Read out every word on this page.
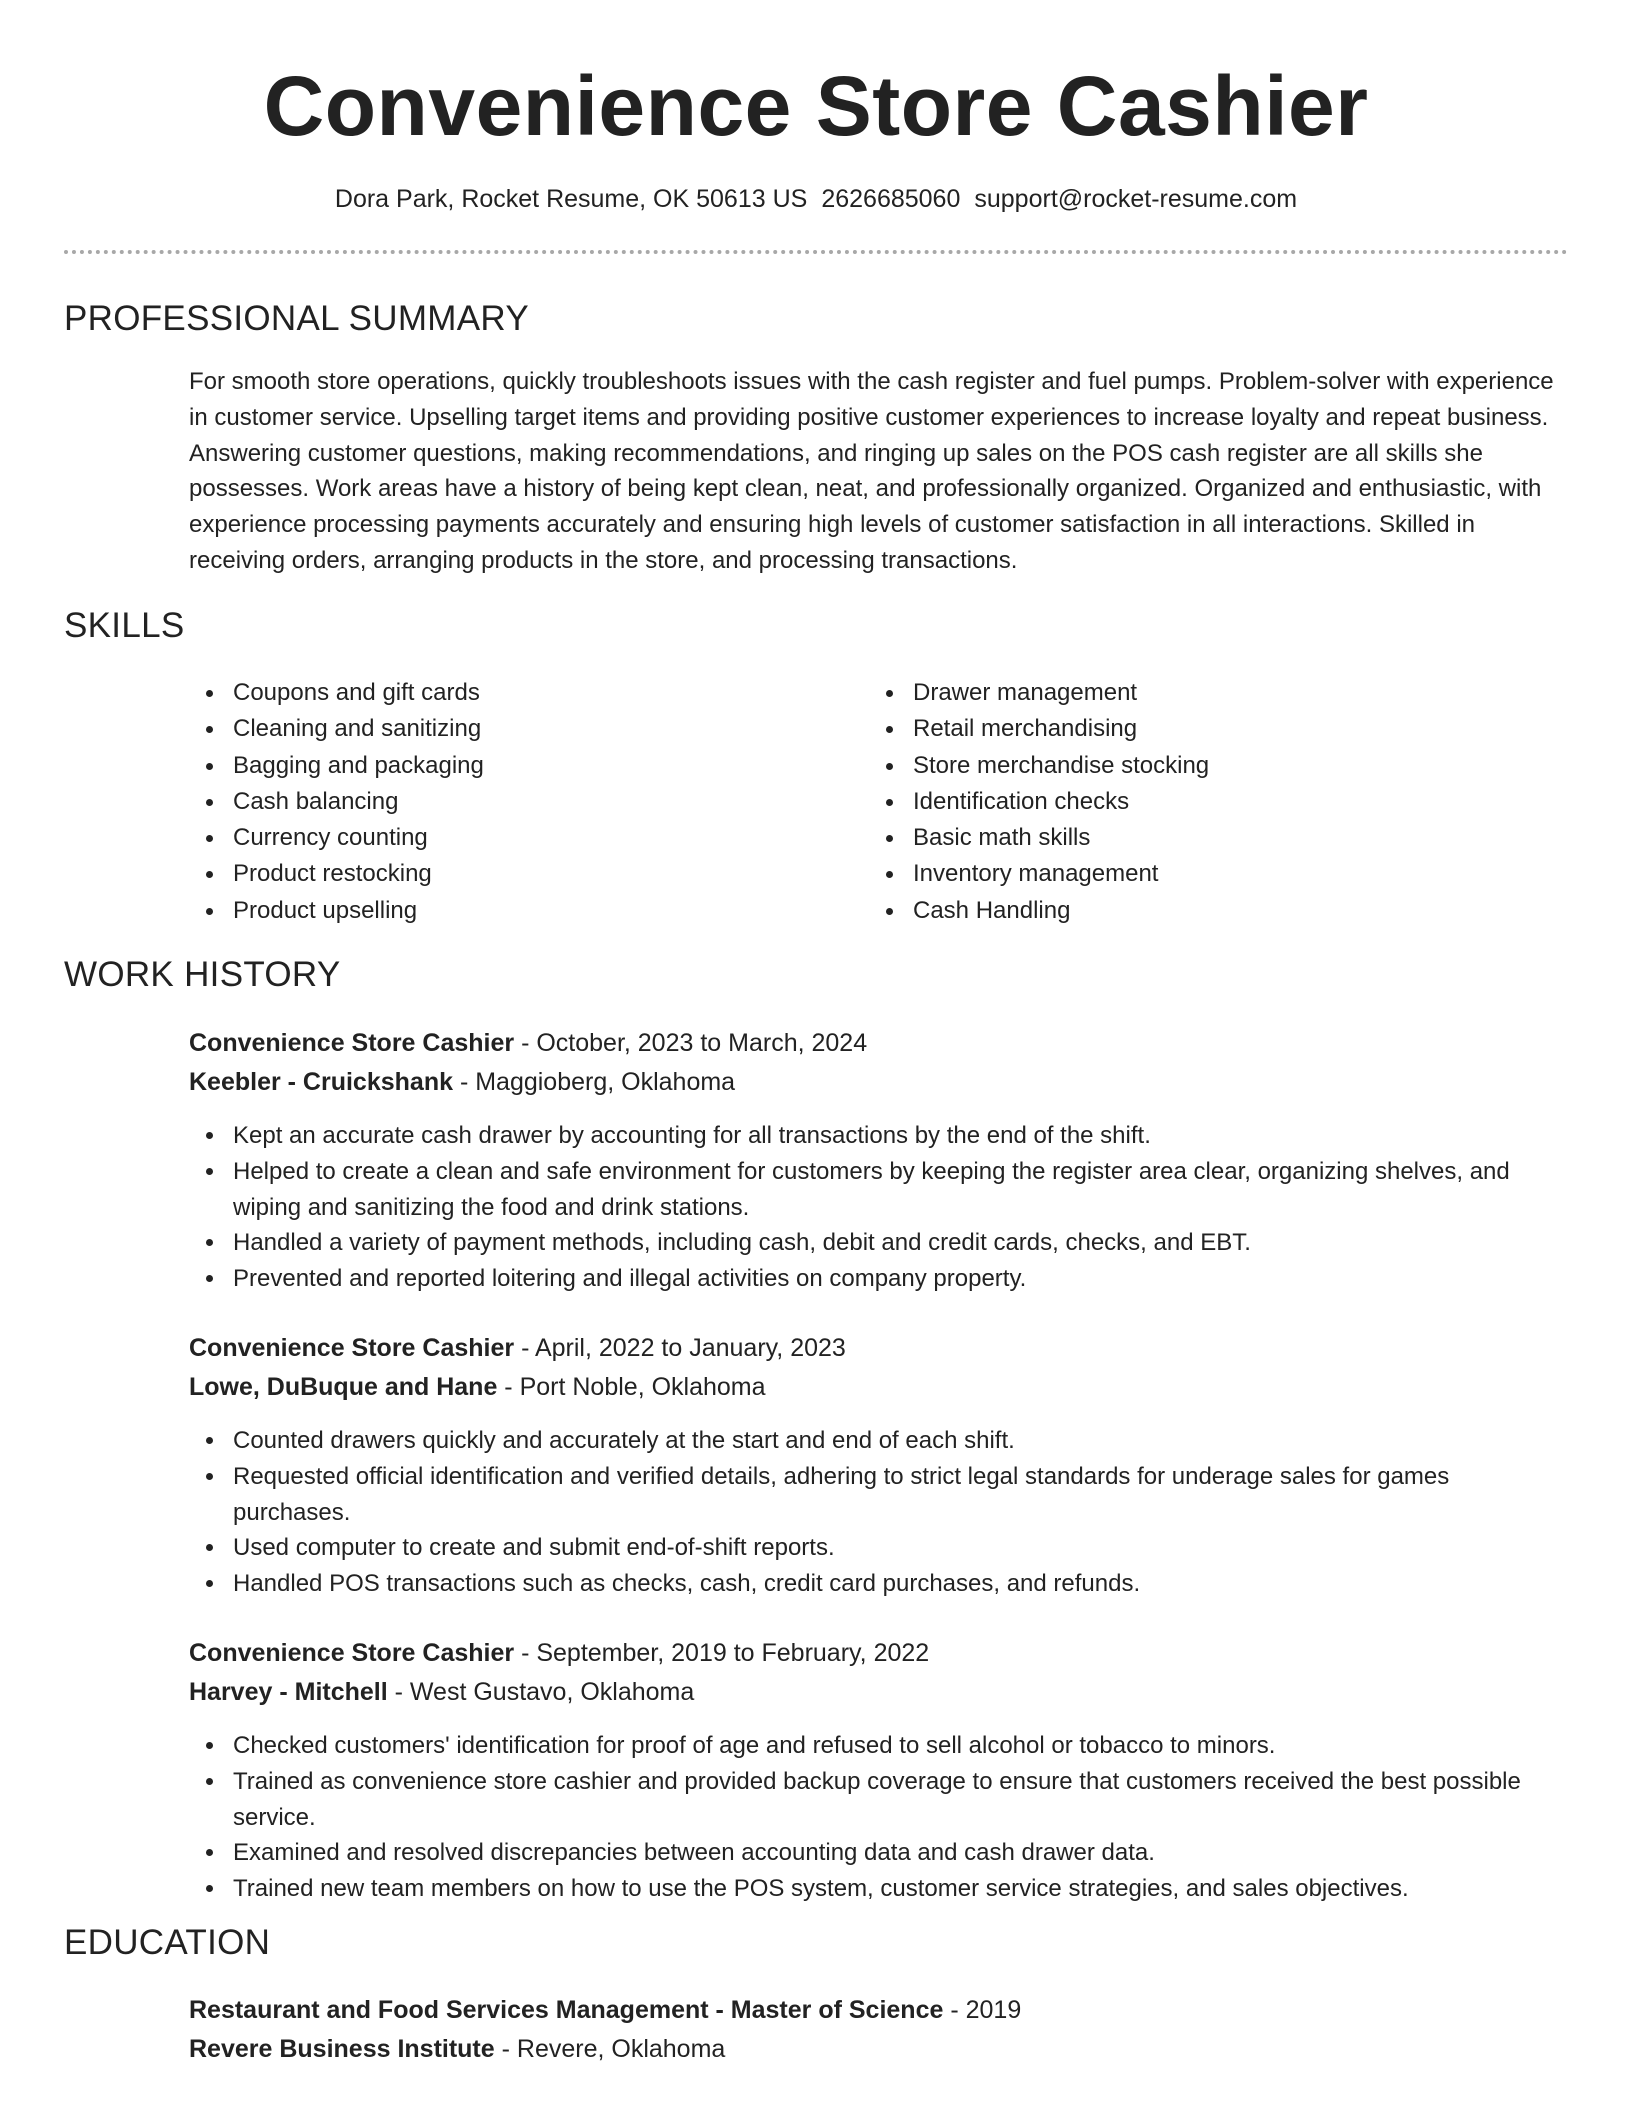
Convenience Store Cashier
Dora Park, Rocket Resume, OK 50613 US 2626685060 support@rocket-resume.com
PROFESSIONAL SUMMARY

For smooth store operations, quickly troubleshoots issues with the cash register and fuel pumps. Problem-solver with experience in customer service. Upselling target items and providing positive customer experiences to increase loyalty and repeat business. Answering customer questions, making recommendations, and ringing up sales on the POS cash register are all skills she possesses. Work areas have a history of being kept clean, neat, and professionally organized. Organized and enthusiastic, with experience processing payments accurately and ensuring high levels of customer satisfaction in all interactions. Skilled in receiving orders, arranging products in the store, and processing transactions.

SKILLS
Coupons and gift cards
Cleaning and sanitizing
Bagging and packaging
Cash balancing
Currency counting
Product restocking
Product upselling
Drawer management
Retail merchandising
Store merchandise stocking
Identification checks
Basic math skills
Inventory management
Cash Handling
WORK HISTORY
Convenience Store Cashier - October, 2023 to March, 2024
Keebler - Cruickshank - Maggioberg, Oklahoma
Kept an accurate cash drawer by accounting for all transactions by the end of the shift.
Helped to create a clean and safe environment for customers by keeping the register area clear, organizing shelves, and wiping and sanitizing the food and drink stations.
Handled a variety of payment methods, including cash, debit and credit cards, checks, and EBT.
Prevented and reported loitering and illegal activities on company property.
Convenience Store Cashier - April, 2022 to January, 2023
Lowe, DuBuque and Hane - Port Noble, Oklahoma
Counted drawers quickly and accurately at the start and end of each shift.
Requested official identification and verified details, adhering to strict legal standards for underage sales for games purchases.
Used computer to create and submit end-of-shift reports.
Handled POS transactions such as checks, cash, credit card purchases, and refunds.
Convenience Store Cashier - September, 2019 to February, 2022
Harvey - Mitchell - West Gustavo, Oklahoma
Checked customers' identification for proof of age and refused to sell alcohol or tobacco to minors.
Trained as convenience store cashier and provided backup coverage to ensure that customers received the best possible service.
Examined and resolved discrepancies between accounting data and cash drawer data.
Trained new team members on how to use the POS system, customer service strategies, and sales objectives.
EDUCATION
Restaurant and Food Services Management - Master of Science - 2019
Revere Business Institute - Revere, Oklahoma
